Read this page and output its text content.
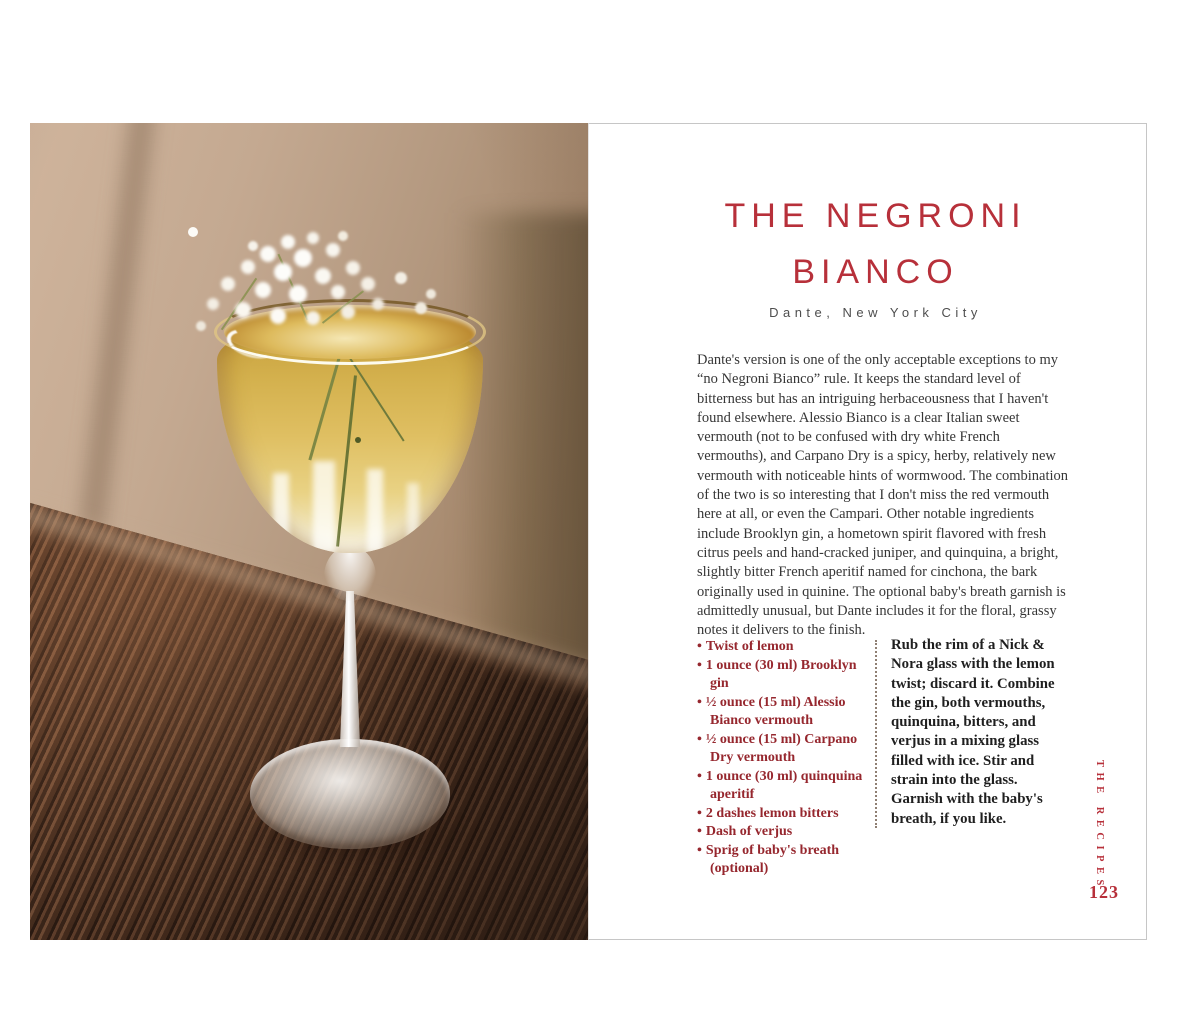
THE NEGRONI
BIANCO
Dante, New York City

Dante's version is one of the only acceptable exceptions to my “no Negroni Bianco” rule. It keeps the standard level of bitterness but has an intriguing herbaceousness that I haven't found elsewhere. Alessio Bianco is a clear Italian sweet vermouth (not to be confused with dry white French vermouths), and Carpano Dry is a spicy, herby, relatively new vermouth with noticeable hints of wormwood. The combination of the two is so interesting that I don't miss the red vermouth here at all, or even the Campari. Other notable ingredients include Brooklyn gin, a hometown spirit flavored with fresh citrus peels and hand-cracked juniper, and quinquina, a bright, slightly bitter French aperitif named for cinchona, the bark originally used in quinine. The optional baby's breath garnish is admittedly unusual, but Dante includes it for the floral, grassy notes it delivers to the finish.

• Twist of lemon
• 1 ounce (30 ml) Brooklyn gin
• ½ ounce (15 ml) Alessio Bianco vermouth
• ½ ounce (15 ml) Carpano Dry vermouth
• 1 ounce (30 ml) quinquina aperitif
• 2 dashes lemon bitters
• Dash of verjus
• Sprig of baby's breath (optional)

Rub the rim of a Nick & Nora glass with the lemon twist; discard it. Combine the gin, both vermouths, quinquina, bitters, and verjus in a mixing glass filled with ice. Stir and strain into the glass. Garnish with the baby's breath, if you like.	THE RECIPES
123
